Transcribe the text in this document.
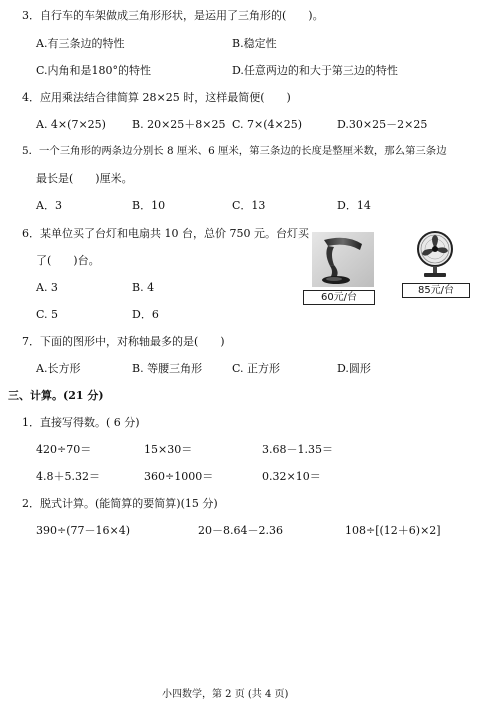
3．自行车的车架做成三角形形状，是运用了三角形的(　　)。
A.有三条边的特性	B.稳定性
C.内角和是180°的特性	D.任意两边的和大于第三边的特性
4．应用乘法结合律简算 28×25 时，这样最简便(　　)
A. 4×(7×25) B. 20×25＋8×25 C. 7×(4×25)	D.30×25－2×25
5．一个三角形的两条边分别长 8 厘米、6 厘米，第三条边的长度是整厘米数，那么第三条边
最长是(　　)厘米。
A．3	B．10	C．13	D．14
6．某单位买了台灯和电扇共 10 台，总价 750 元。台灯买
了(　　)台。
A. 3	B. 4
C. 5	D．6
60元/台
85元/台
7．下面的图形中，对称轴最多的是(　　)
A.长方形	B. 等腰三角形	C. 正方形	D.圆形
三、计算。(21 分)
1．直接写得数。( 6 分)
420÷70＝	15×30＝	3.68－1.35＝
4.8＋5.32＝	360÷1000＝	0.32×10＝
2．脱式计算。(能简算的要简算)(15 分)
390÷(77－16×4)	20－8.64－2.36	108÷[(12＋6)×2]
小四数学，第 2 页 (共 4 页)
